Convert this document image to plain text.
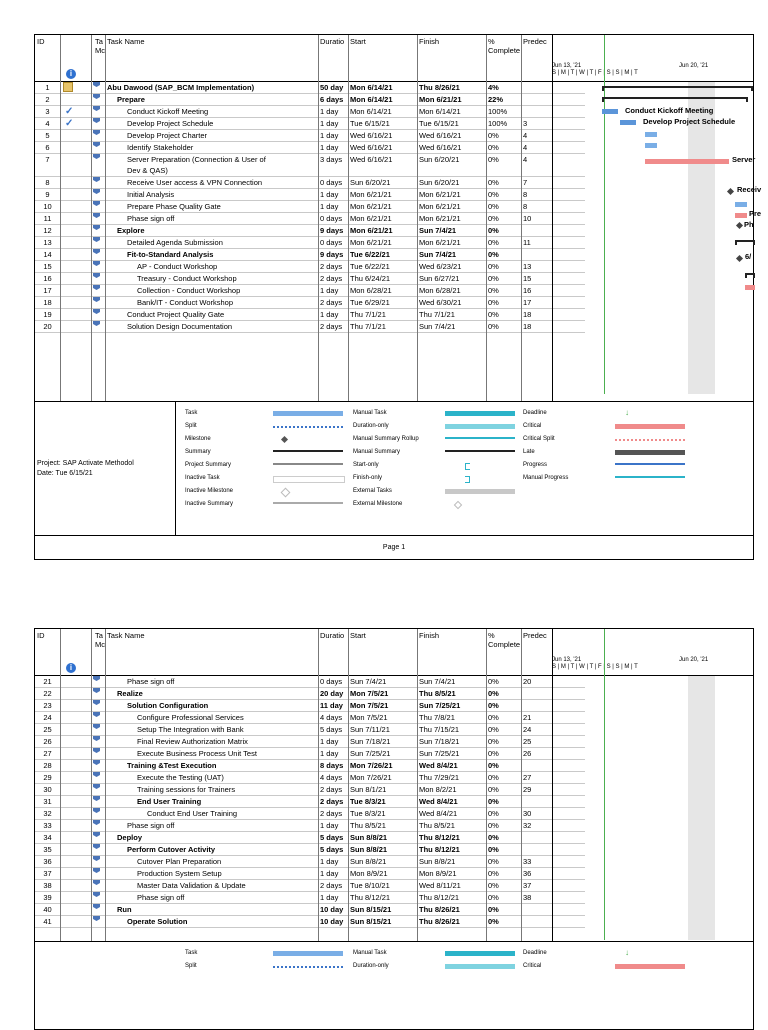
ID	Ta
Mc
Task Name	Duratio Start	Finish	%
Complete
Predec
i
Jun 13, '21	Jun 20, '21
S | M | T | W | T | F | S | S | M | T
1	Abu Dawood (SAP_BCM Implementation)	50 day Mon 6/14/21	Thu 8/26/21	4%
2	Prepare	6 days Mon 6/14/21	Mon 6/21/21	22%
3	✓	Conduct Kickoff Meeting	1 day Mon 6/14/21	Mon 6/14/21	100%
4	✓	Develop Project Schedule	1 day Tue 6/15/21	Tue 6/15/21	100% 3
5	Develop Project Charter	1 day Wed 6/16/21	Wed 6/16/21	0%	4
6	Identify Stakeholder	1 day Wed 6/16/21	Wed 6/16/21	0%	4
7	Server Preparation (Connection & User of
Dev & QAS)
3 days Wed 6/16/21	Sun 6/20/21	0%	4
8	Receive User access & VPN Connection	0 days Sun 6/20/21	Sun 6/20/21	0%	7
9	Initial Analysis	1 day Mon 6/21/21	Mon 6/21/21	0%	8
10	Prepare Phase Quality Gate	1 day Mon 6/21/21	Mon 6/21/21	0%	8
11	Phase sign off	0 days Mon 6/21/21	Mon 6/21/21	0%	10
12	Explore	9 days Mon 6/21/21	Sun 7/4/21	0%
13	Detailed Agenda Submission	0 days Mon 6/21/21	Mon 6/21/21	0%	11
14	Fit-to-Standard Analysis	9 days Tue 6/22/21	Sun 7/4/21	0%
15	AP - Conduct Workshop	2 days Tue 6/22/21	Wed 6/23/21	0%	13
16	Treasury - Conduct Workshop	2 days Thu 6/24/21	Sun 6/27/21	0%	15
17	Collection - Conduct Workshop	1 day Mon 6/28/21	Mon 6/28/21	0%	16
18	Bank/IT - Conduct Workshop	2 days Tue 6/29/21	Wed 6/30/21	0%	17
19	Conduct Project Quality Gate	1 day Thu 7/1/21	Thu 7/1/21	0%	18
20	Solution Design Documentation	2 days Thu 7/1/21	Sun 7/4/21	0%	18
Conduct Kickoff Meeting
Develop Project Schedule
Server
Receiv
Pre
Ph
6/
Task	Manual Task	Deadline	↓
Split	Duration-only	Critical
Milestone	Manual Summary Rollup	Critical Split
Summary	Manual Summary	Late
Project Summary	Start-only	Progress
Inactive Task	Finish-only	Manual Progress
Inactive Milestone	External Tasks
Inactive Summary	External Milestone
Project: SAP Activate Methodol
Date: Tue 6/15/21
Page 1
ID	Ta
Mc
Task Name	Duratio Start	Finish	%
Complete
Predec
i
Jun 13, '21	Jun 20, '21
S | M | T | W | T | F | S | S | M | T
21	Phase sign off	0 days Sun 7/4/21	Sun 7/4/21	0%	20
22	Realize	20 day Mon 7/5/21	Thu 8/5/21	0%
23	Solution Configuration	11 day Mon 7/5/21	Sun 7/25/21	0%
24	Configure Professional Services	4 days Mon 7/5/21	Thu 7/8/21	0%	21
25	Setup The Integration with Bank	5 days Sun 7/11/21	Thu 7/15/21	0%	24
26	Final Review Authorization Matrix	1 day Sun 7/18/21	Sun 7/18/21	0%	25
27	Execute Business Process Unit Test	1 day Sun 7/25/21	Sun 7/25/21	0%	26
28	Training &Test Execution	8 days Mon 7/26/21	Wed 8/4/21	0%
29	Execute the Testing (UAT)	4 days Mon 7/26/21	Thu 7/29/21	0%	27
30	Training sessions for Trainers	2 days Sun 8/1/21	Mon 8/2/21	0%	29
31	End User Training	2 days Tue 8/3/21	Wed 8/4/21	0%
32	Conduct End User Training	2 days Tue 8/3/21	Wed 8/4/21	0%	30
33	Phase sign off	1 day Thu 8/5/21	Thu 8/5/21	0%	32
34	Deploy	5 days Sun 8/8/21	Thu 8/12/21	0%
35	Perform Cutover Activity	5 days Sun 8/8/21	Thu 8/12/21	0%
36	Cutover Plan Preparation	1 day Sun 8/8/21	Sun 8/8/21	0%	33
37	Production System Setup	1 day Mon 8/9/21	Mon 8/9/21	0%	36
38	Master Data Validation & Update	2 days Tue 8/10/21	Wed 8/11/21	0%	37
39	Phase sign off	1 day Thu 8/12/21	Thu 8/12/21	0%	38
40	Run	10 day Sun 8/15/21	Thu 8/26/21	0%
41	Operate Solution	10 day Sun 8/15/21	Thu 8/26/21	0%
Task	Manual Task	Deadline	↓
Split	Duration-only	Critical
